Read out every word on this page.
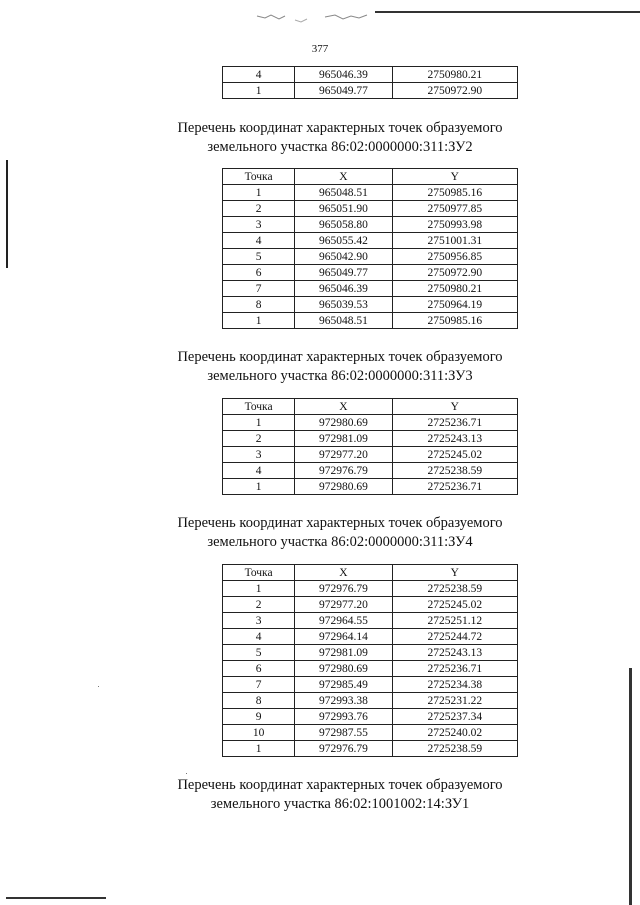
377
4	965046.39	2750980.21
1	965049.77	2750972.90
Перечень координат характерных точек образуемого
земельного участка 86:02:0000000:311:ЗУ2
Перечень координат характерных точек образуемого
земельного участка 86:02:0000000:311:ЗУ3
Перечень координат характерных точек образуемого
земельного участка 86:02:0000000:311:ЗУ4
Перечень координат характерных точек образуемого
земельного участка 86:02:1001002:14:ЗУ1
Точка	X	Y
1	965048.51	2750985.16
2	965051.90	2750977.85
3	965058.80	2750993.98
4	965055.42	2751001.31
5	965042.90	2750956.85
6	965049.77	2750972.90
7	965046.39	2750980.21
8	965039.53	2750964.19
1	965048.51	2750985.16
Точка	X	Y
1	972980.69	2725236.71
2	972981.09	2725243.13
3	972977.20	2725245.02
4	972976.79	2725238.59
1	972980.69	2725236.71
Точка	X	Y
1	972976.79	2725238.59
2	972977.20	2725245.02
3	972964.55	2725251.12
4	972964.14	2725244.72
5	972981.09	2725243.13
6	972980.69	2725236.71
7	972985.49	2725234.38
8	972993.38	2725231.22
9	972993.76	2725237.34
10	972987.55	2725240.02
1	972976.79	2725238.59
